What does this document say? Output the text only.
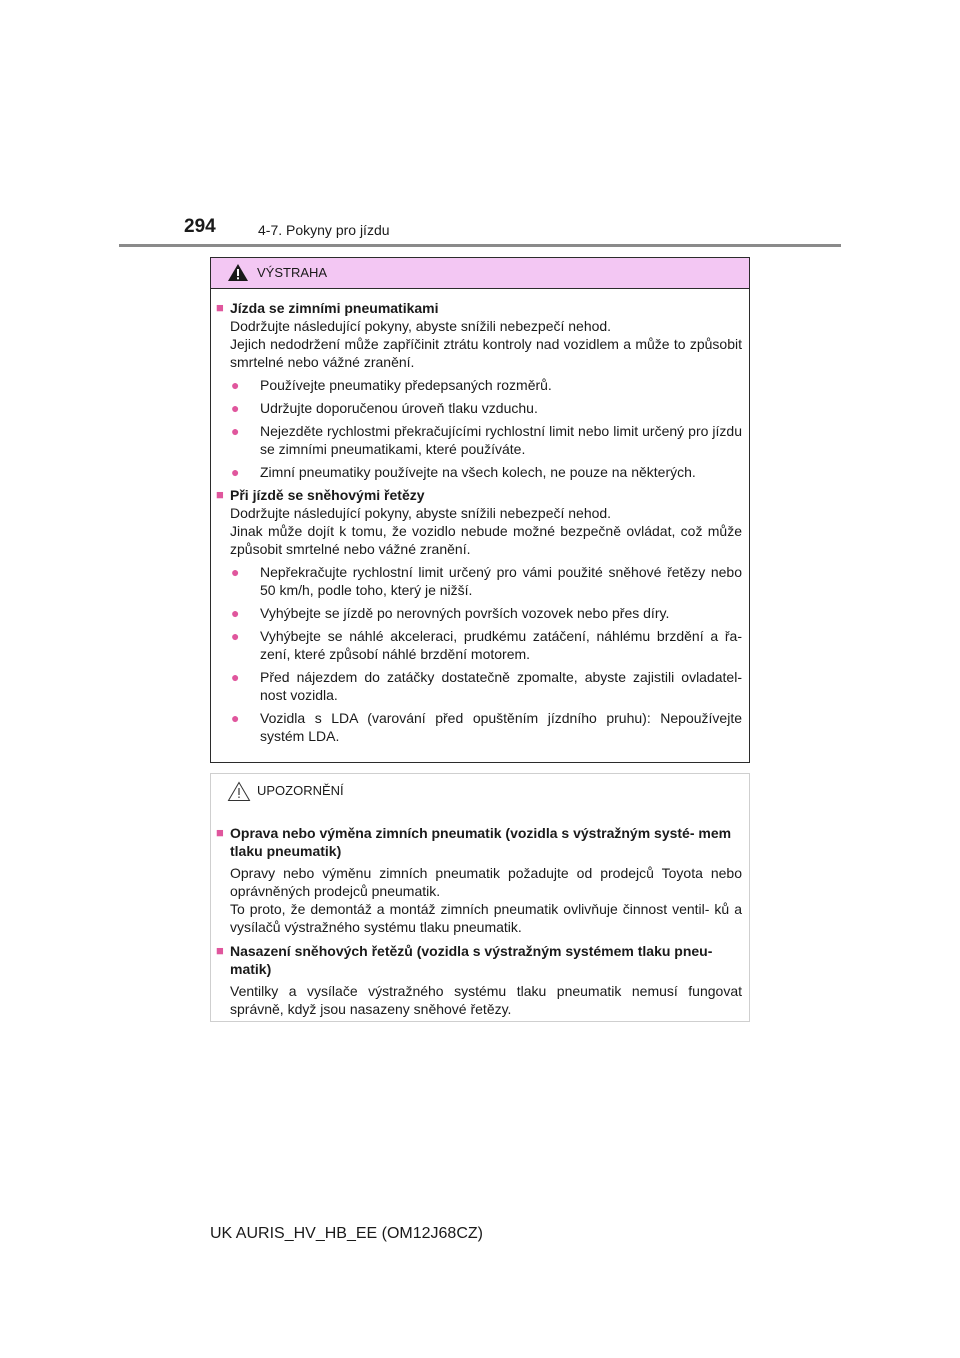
294	4-7. Pokyny pro jízdu
VÝSTRAHA
■ Jízda se zimními pneumatikami
Dodržujte následující pokyny, abyste snížili nebezpečí nehod.
Jejich nedodržení může zapříčinit ztrátu kontroly nad vozidlem a může to způsobit smrtelné nebo vážné zranění.
●	Používejte pneumatiky předepsaných rozměrů.
●	Udržujte doporučenou úroveň tlaku vzduchu.
●	Nejezděte rychlostmi překračujícími rychlostní limit nebo limit určený pro jízdu se zimními pneumatikami, které používáte.
●	Zimní pneumatiky používejte na všech kolech, ne pouze na některých.
■ Při jízdě se sněhovými řetězy
Dodržujte následující pokyny, abyste snížili nebezpečí nehod.
Jinak může dojít k tomu, že vozidlo nebude možné bezpečně ovládat, což může způsobit smrtelné nebo vážné zranění.
●	Nepřekračujte rychlostní limit určený pro vámi použité sněhové řetězy nebo 50 km/h, podle toho, který je nižší.
●	Vyhýbejte se jízdě po nerovných površích vozovek nebo přes díry.
●	Vyhýbejte se náhlé akceleraci, prudkému zatáčení, náhlému brzdění a řa- zení, které způsobí náhlé brzdění motorem.
●	Před nájezdem do zatáčky dostatečně zpomalte, abyste zajistili ovladatel- nost vozidla.
●	Vozidla s LDA (varování před opuštěním jízdního pruhu): Nepoužívejte systém LDA.
UPOZORNĚNÍ
■ Oprava nebo výměna zimních pneumatik (vozidla s výstražným systé- mem tlaku pneumatik)
Opravy nebo výměnu zimních pneumatik požadujte od prodejců Toyota nebo oprávněných prodejců pneumatik.
To proto, že demontáž a montáž zimních pneumatik ovlivňuje činnost ventil- ků a vysílačů výstražného systému tlaku pneumatik.
■ Nasazení sněhových řetězů (vozidla s výstražným systémem tlaku pneu- matik)
Ventilky a vysílače výstražného systému tlaku pneumatik nemusí fungovat správně, když jsou nasazeny sněhové řetězy.
UK AURIS_HV_HB_EE (OM12J68CZ)
